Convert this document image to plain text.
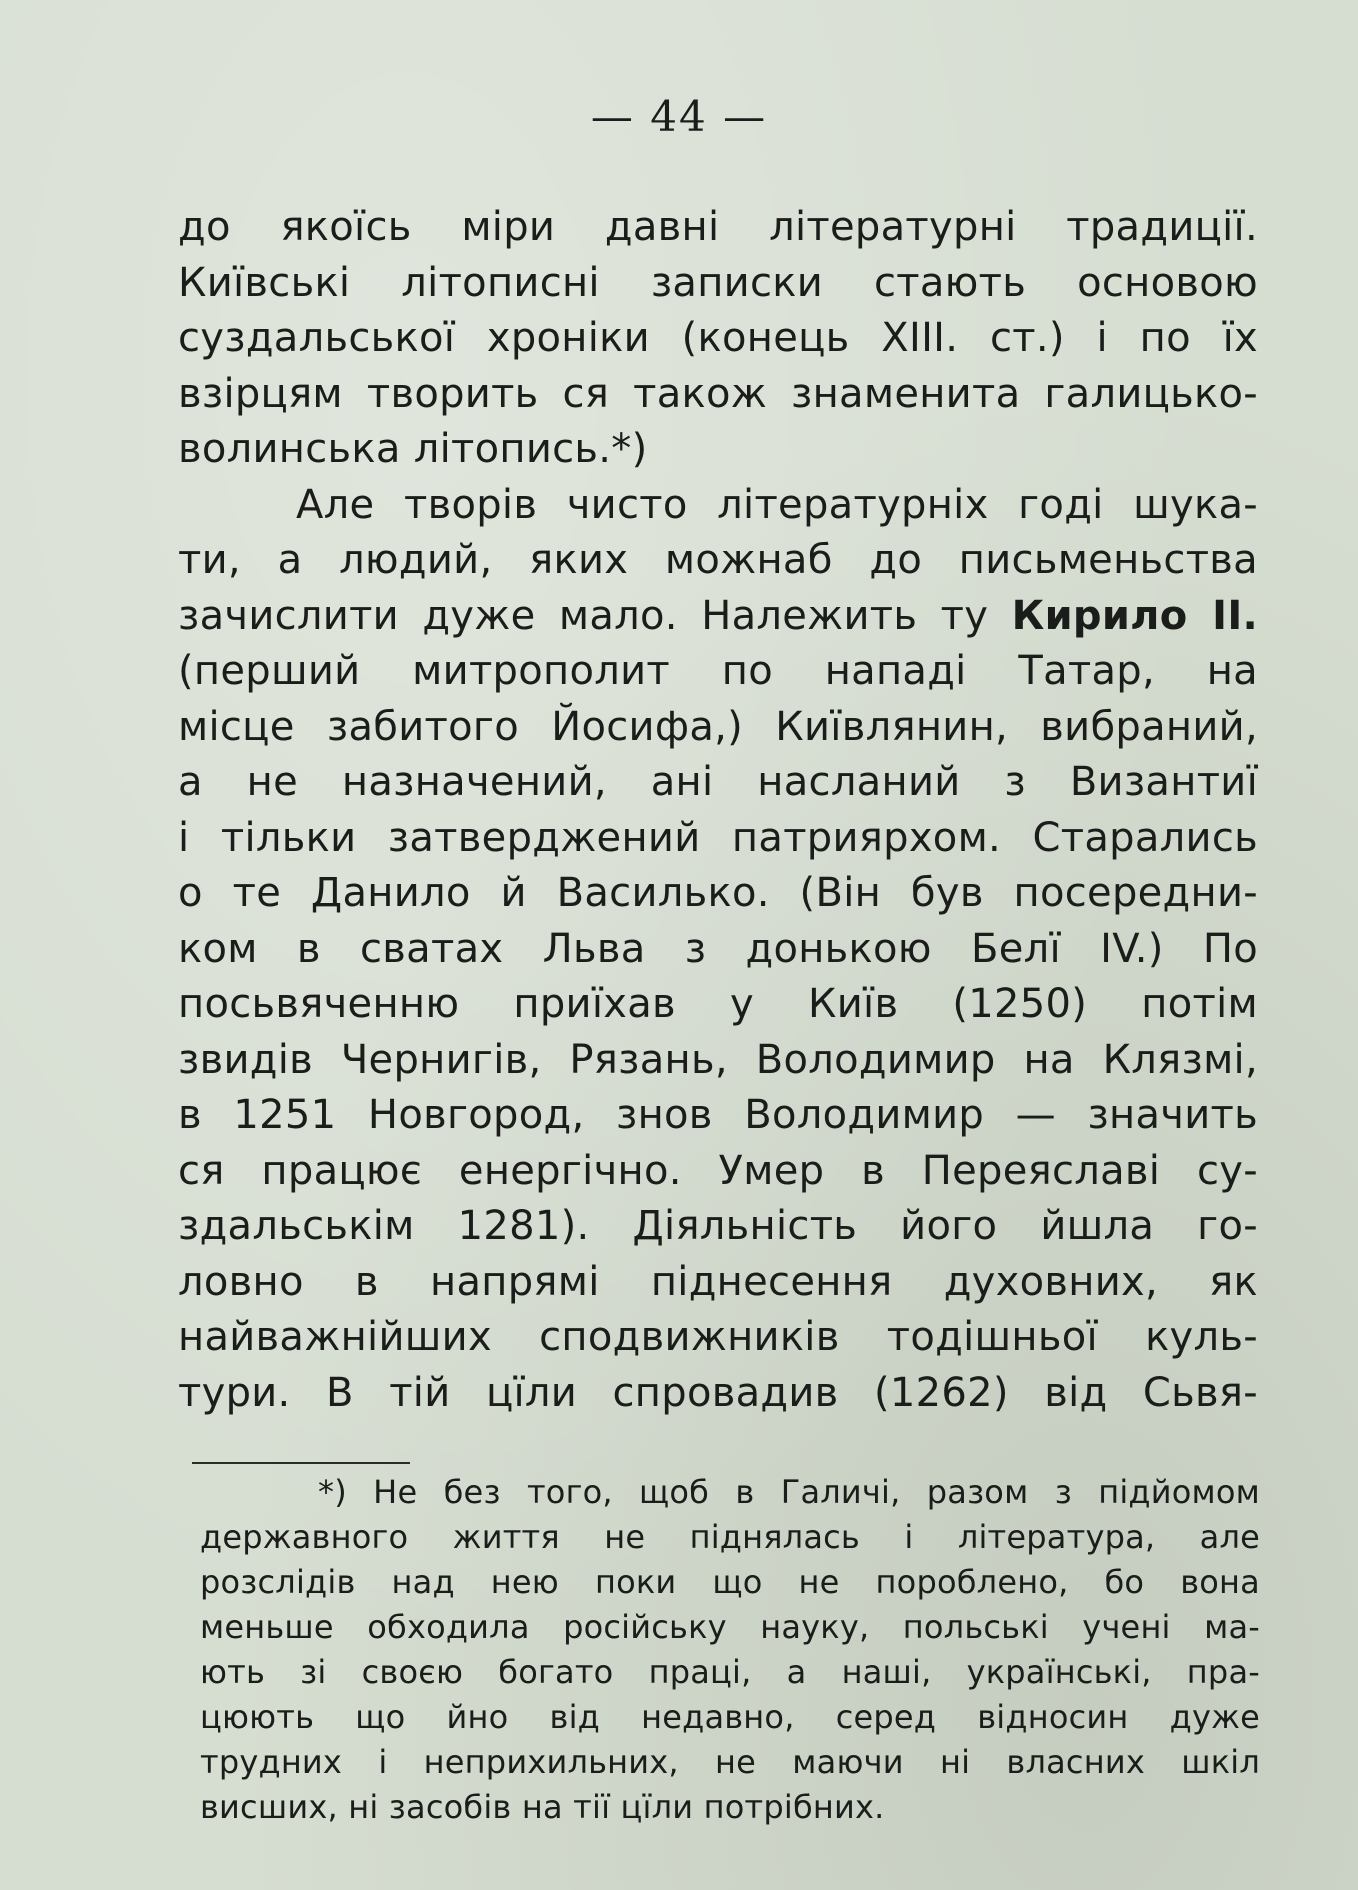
— 44 —
до якоїсь міри давні літературні традиції.
Київські літописні записки стають основою
суздальської хроніки (конець XIII. ст.) і по їх
взірцям творить ся також знаменита галицько-
волинська літопись.*)
Але творів чисто літературніх годі шука-
ти, а людий, яких можнаб до письменьства
зачислити дуже мало. Належить ту Кирило II.
(перший митрополит по нападі Татар, на
місце забитого Йосифа,) Київлянин, вибраний,
а не назначений, ані насланий з Византиї
і тільки затверджений патриярхом. Старались
о те Данило й Василько. (Він був посередни-
ком в сватах Льва з донькою Белї IV.) По
посьвяченню приїхав у Київ (1250) потім
звидів Чернигів, Рязань, Володимир на Клязмі,
в 1251 Новгород, знов Володимир — значить
ся працює енергічно. Умер в Переяславі су-
здальськім 1281). Діяльність його йшла го-
ловно в напрямі піднесення духовних, як
найважнійших сподвижників тодішньої куль-
тури. В тій цїли спровадив (1262) від Сьвя-
*) Не без того, щоб в Галичі, разом з підйомом
державного життя не піднялась і література, але
розслідів над нею поки що не пороблено, бо вона
меньше обходила російську науку, польські учені ма-
ють зі своєю богато праці, а наші, українські, пра-
цюють що йно від недавно, серед відносин дуже
трудних і неприхильних, не маючи ні власних шкіл
висших, ні засобів на тії цїли потрібних.
